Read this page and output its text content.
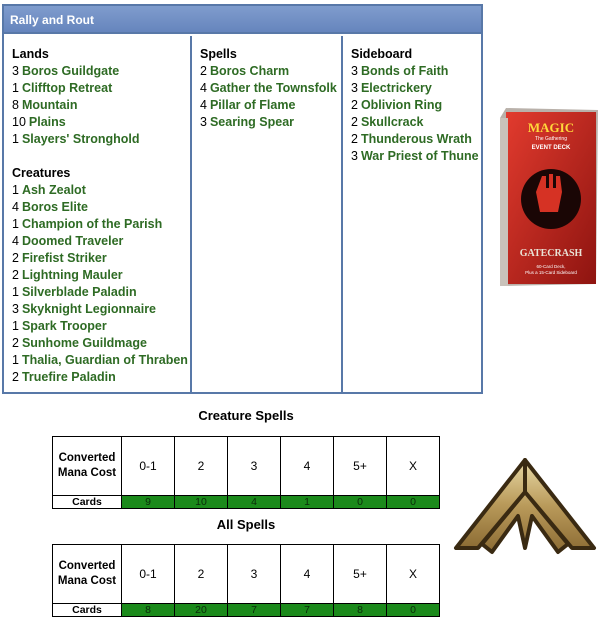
Rally and Rout
Lands
3 Boros Guildgate
1 Clifftop Retreat
8 Mountain
10 Plains
1 Slayers' Stronghold
Creatures
1 Ash Zealot
4 Boros Elite
1 Champion of the Parish
4 Doomed Traveler
2 Firefist Striker
2 Lightning Mauler
1 Silverblade Paladin
3 Skyknight Legionnaire
1 Spark Trooper
2 Sunhome Guildmage
1 Thalia, Guardian of Thraben
2 Truefire Paladin
Spells
2 Boros Charm
4 Gather the Townsfolk
4 Pillar of Flame
3 Searing Spear
Sideboard
3 Bonds of Faith
3 Electrickery
2 Oblivion Ring
2 Skullcrack
2 Thunderous Wrath
3 War Priest of Thune
MAGIC
The Gathering
EVENT DECK
GATECRASH
60-Card Deck,
Plus a 15-Card Sideboard
Creature Spells
Converted Mana Cost	0-1	2	3	4	5+	X
Cards	9	10	4	1	0	0
All Spells
Converted Mana Cost	0-1	2	3	4	5+	X
Cards	8	20	7	7	8	0
